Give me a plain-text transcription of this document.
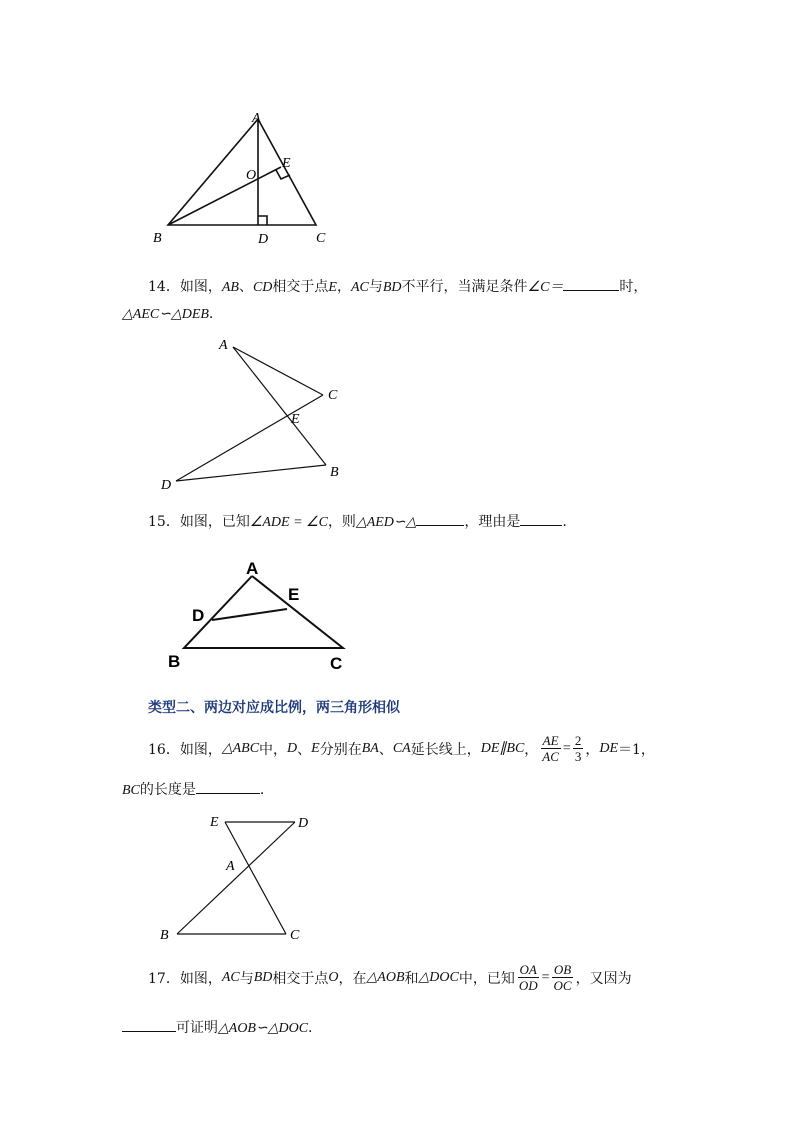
A
O
E
B	D	C
14．如图，AB、CD相交于点E，AC与BD不平行，当满足条件∠C＝	时，
△AEC∽△DEB.
A
C
E
B
D
15．如图，已知∠ADE = ∠C，则△AED∽△	，理由是	.
A
E
D
B	C
类型二、两边对应成比例，两三角形相似
16． 如图， △ABC 中， D 、 E 分别在 BA 、 CA 延长线上， DE∥BC ， $\frac{AE}{AC} = \frac{2}{3}$ ， DE ＝1，
BC的长度是	.
E	D
A
B	C
17． 如图， AC 与 BD 相交于点 O ，在 △AOB 和 △DOC 中，已知 $\frac{OA}{OD} = \frac{OB}{OC}$ ，又因为
可证明△AOB∽△DOC.
